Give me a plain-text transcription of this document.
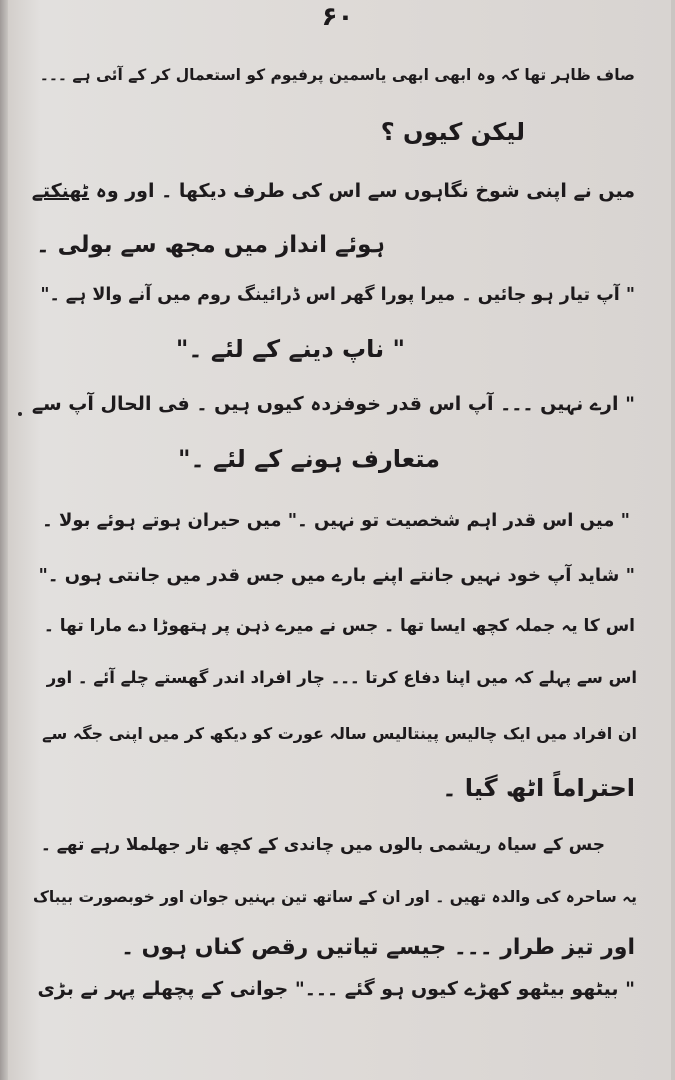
۶۰
صاف ظاہر تھا کہ وہ ابھی ابھی یاسمین پرفیوم کو استعمال کر کے آئی ہے ۔۔۔
لیکن کیوں ؟
میں نے اپنی شوخ نگاہوں سے اس کی طرف دیکھا ۔ اور وہ ٹھنکتے
ہوئے انداز میں مجھ سے بولی ۔
" آپ تیار ہو جائیں ۔ میرا پورا گھر اس ڈرائینگ روم میں آنے والا ہے ۔"
" ناپ دینے کے لئے ۔"
" ارے نہیں ۔۔۔ آپ اس قدر خوفزدہ کیوں ہیں ۔ فی الحال آپ سے
متعارف ہونے کے لئے ۔"
" میں اس قدر اہم شخصیت تو نہیں ۔" میں حیران ہوتے ہوئے بولا ۔
" شاید آپ خود نہیں جانتے اپنے بارے میں جس قدر میں جانتی ہوں ۔"
اس کا یہ جملہ کچھ ایسا تھا ۔ جس نے میرے ذہن پر ہتھوڑا دے مارا تھا ۔
اس سے پہلے کہ میں اپنا دفاع کرتا ۔۔۔ چار افراد اندر گھستے چلے آئے ۔ اور
ان افراد میں ایک چالیس پینتالیس سالہ عورت کو دیکھ کر میں اپنی جگہ سے
احتراماً اٹھ گیا ۔
جس کے سیاہ ریشمی بالوں میں چاندی کے کچھ تار جھلملا رہے تھے ۔
یہ ساحرہ کی والدہ تھیں ۔ اور ان کے ساتھ تین بہنیں جوان اور خوبصورت بیباک
اور تیز طرار ۔۔۔ جیسے تیاتیں رقص کناں ہوں ۔
" بیٹھو بیٹھو کھڑے کیوں ہو گئے ۔۔۔" جوانی کے پچھلے پہر نے بڑی
